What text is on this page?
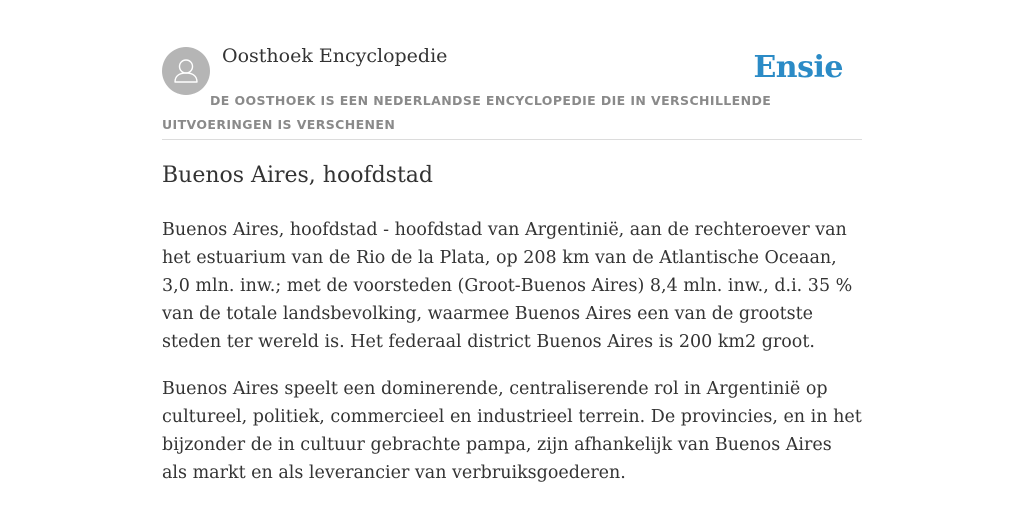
Oosthoek Encyclopedie	Ensie
DE OOSTHOEK IS EEN NEDERLANDSE ENCYCLOPEDIE DIE IN VERSCHILLENDE UITVOERINGEN IS VERSCHENEN
Buenos Aires, hoofdstad

Buenos Aires, hoofdstad - hoofdstad van Argentinië, aan de rechteroever van het estuarium van de Rio de la Plata, op 208 km van de Atlantische Oceaan, 3,0 mln. inw.; met de voorsteden (Groot-Buenos Aires) 8,4 mln. inw., d.i. 35 % van de totale landsbevolking, waarmee Buenos Aires een van de grootste steden ter wereld is. Het federaal district Buenos Aires is 200 km2 groot.

Buenos Aires speelt een dominerende, centraliserende rol in Argentinië op cultureel, politiek, commercieel en industrieel terrein. De provincies, en in het bijzonder de in cultuur gebrachte pampa, zijn afhankelijk van Buenos Aires als markt en als leverancier van verbruiksgoederen.
